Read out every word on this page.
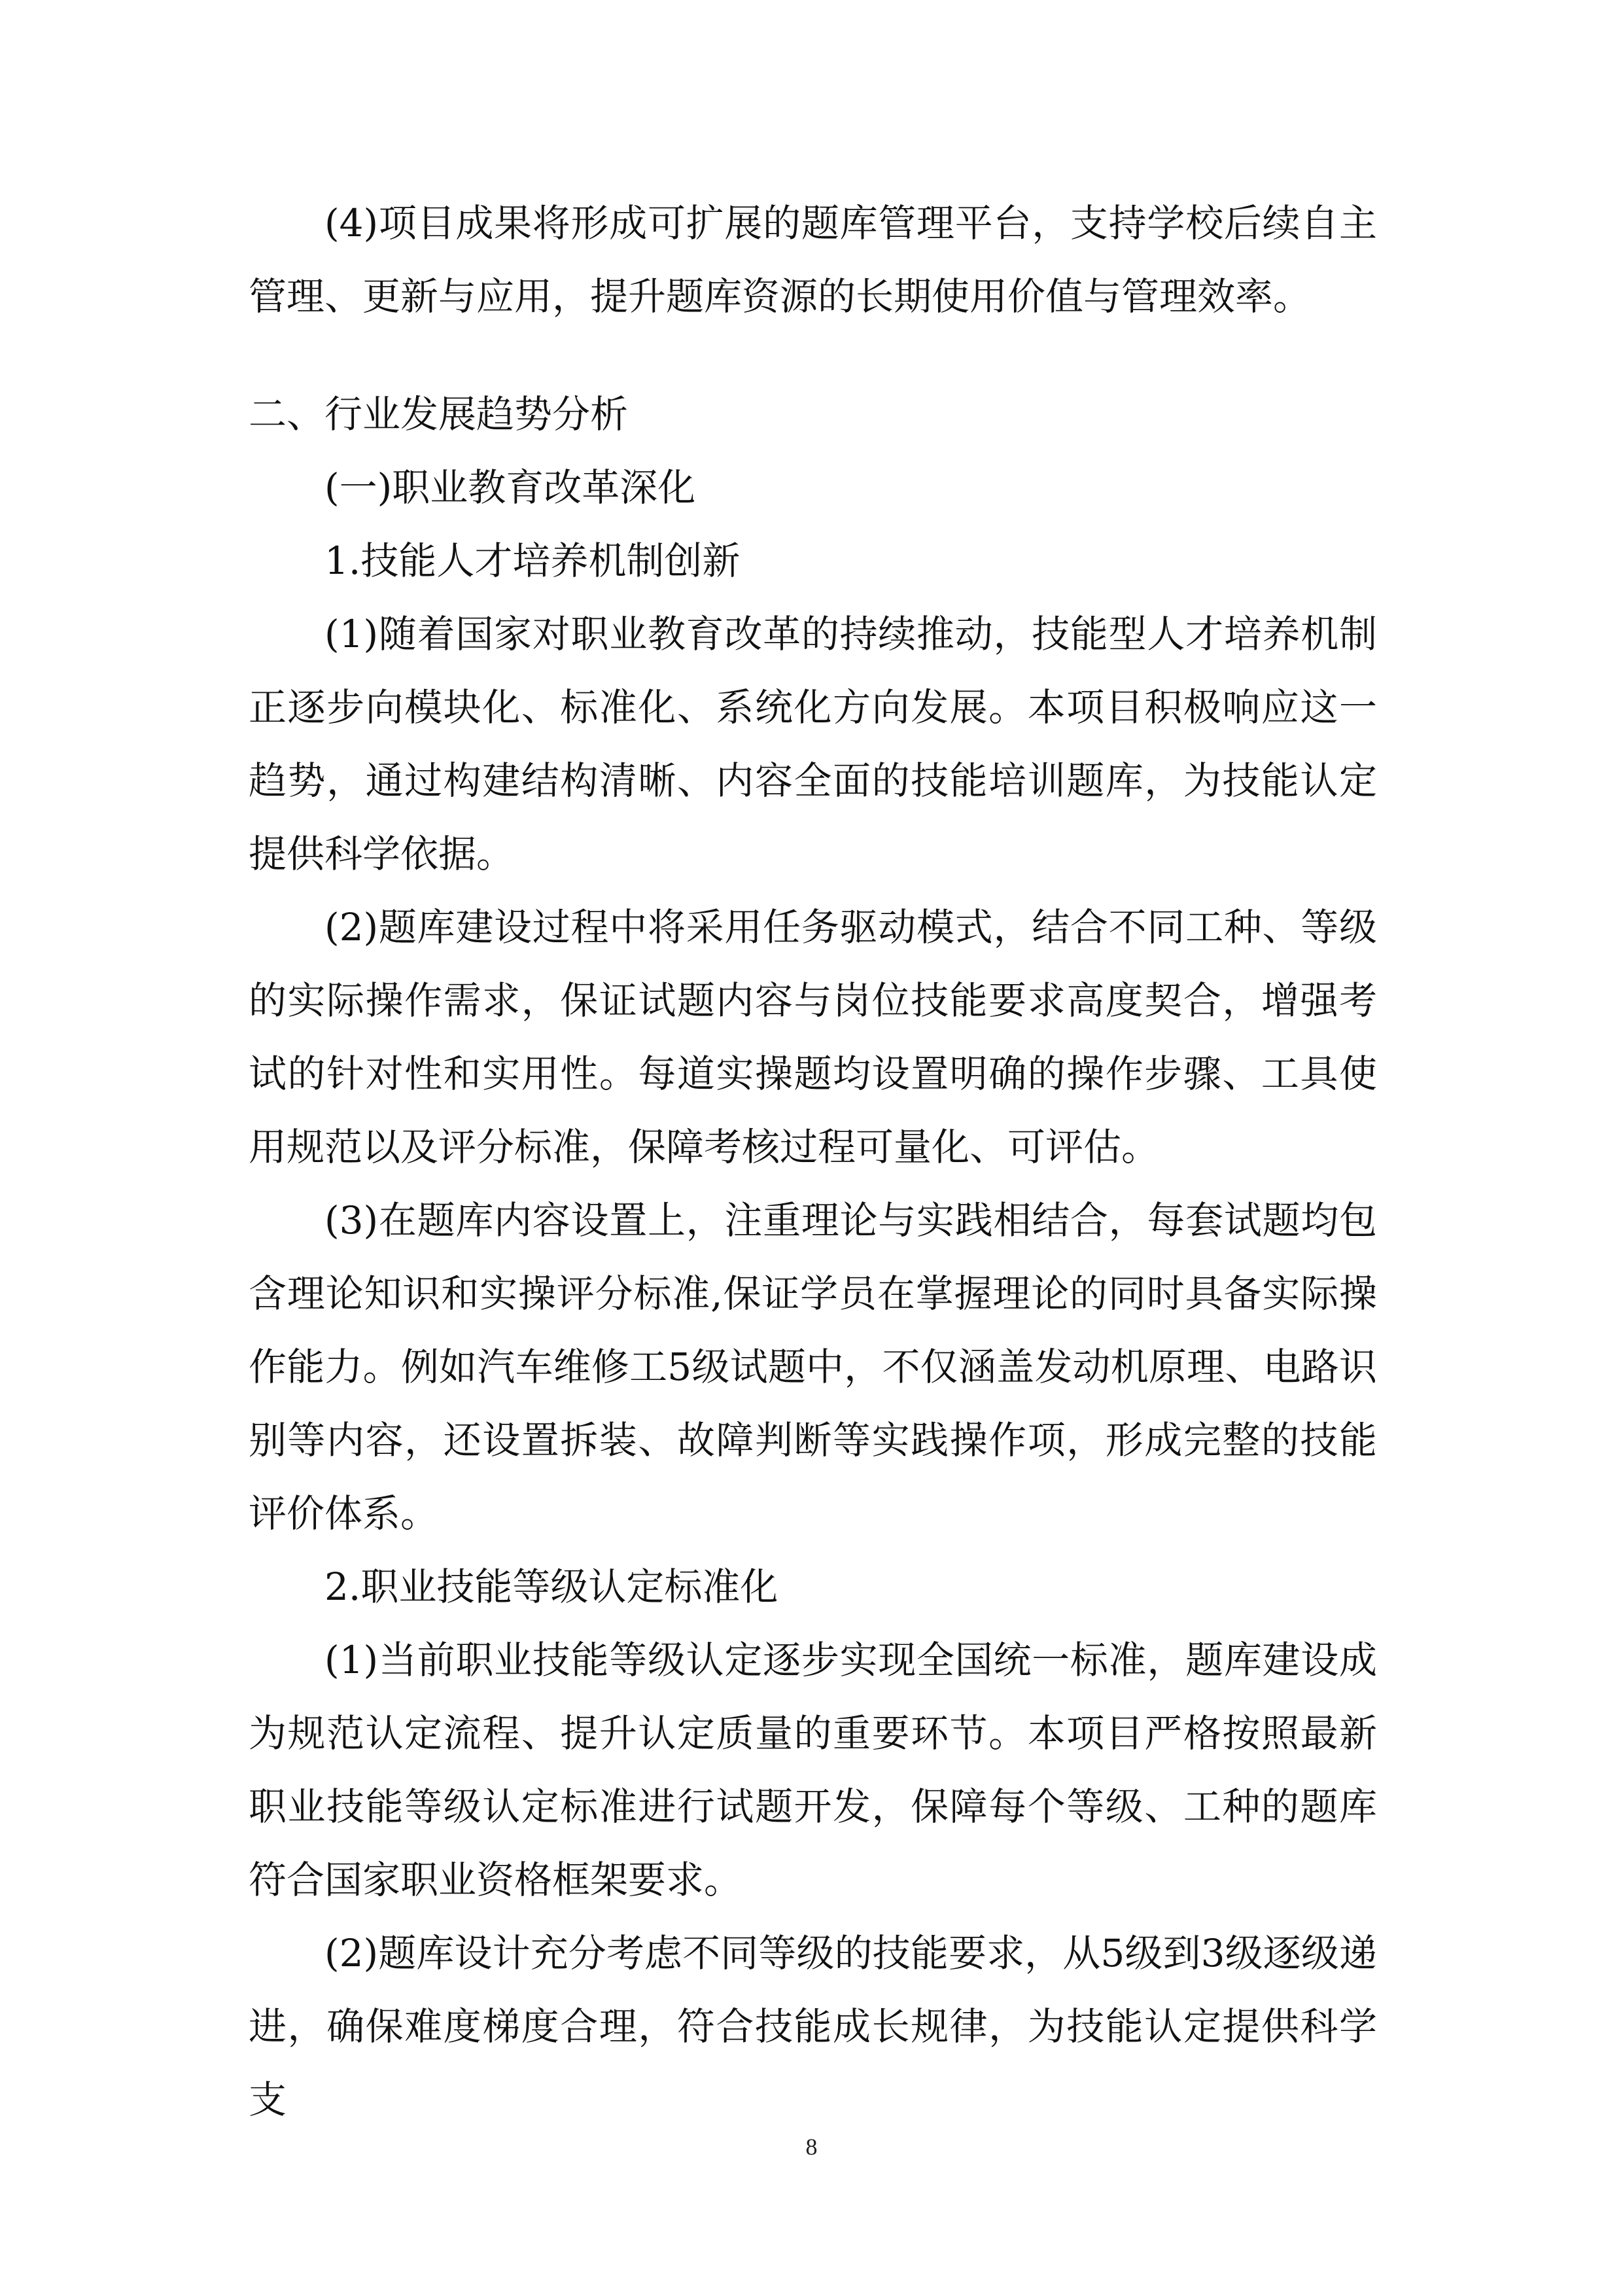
(4)项目成果将形成可扩展的题库管理平台，支持学校后续自主管理、更新与应用，提升题库资源的长期使用价值与管理效率。

二、行业发展趋势分析

(一)职业教育改革深化

1.技能人才培养机制创新

(1)随着国家对职业教育改革的持续推动，技能型人才培养机制正逐步向模块化、标准化、系统化方向发展。本项目积极响应这一趋势，通过构建结构清晰、内容全面的技能培训题库，为技能认定提供科学依据。

(2)题库建设过程中将采用任务驱动模式，结合不同工种、等级的实际操作需求，保证试题内容与岗位技能要求高度契合，增强考试的针对性和实用性。每道实操题均设置明确的操作步骤、工具使用规范以及评分标准，保障考核过程可量化、可评估。

(3)在题库内容设置上，注重理论与实践相结合，每套试题均包含理论知识和实操评分标准,保证学员在掌握理论的同时具备实际操作能力。例如汽车维修工5级试题中，不仅涵盖发动机原理、电路识别等内容，还设置拆装、故障判断等实践操作项，形成完整的技能评价体系。

2.职业技能等级认定标准化

(1)当前职业技能等级认定逐步实现全国统一标准，题库建设成为规范认定流程、提升认定质量的重要环节。本项目严格按照最新职业技能等级认定标准进行试题开发，保障每个等级、工种的题库符合国家职业资格框架要求。

(2)题库设计充分考虑不同等级的技能要求，从5级到3级逐级递进，确保难度梯度合理，符合技能成长规律，为技能认定提供科学支

8
